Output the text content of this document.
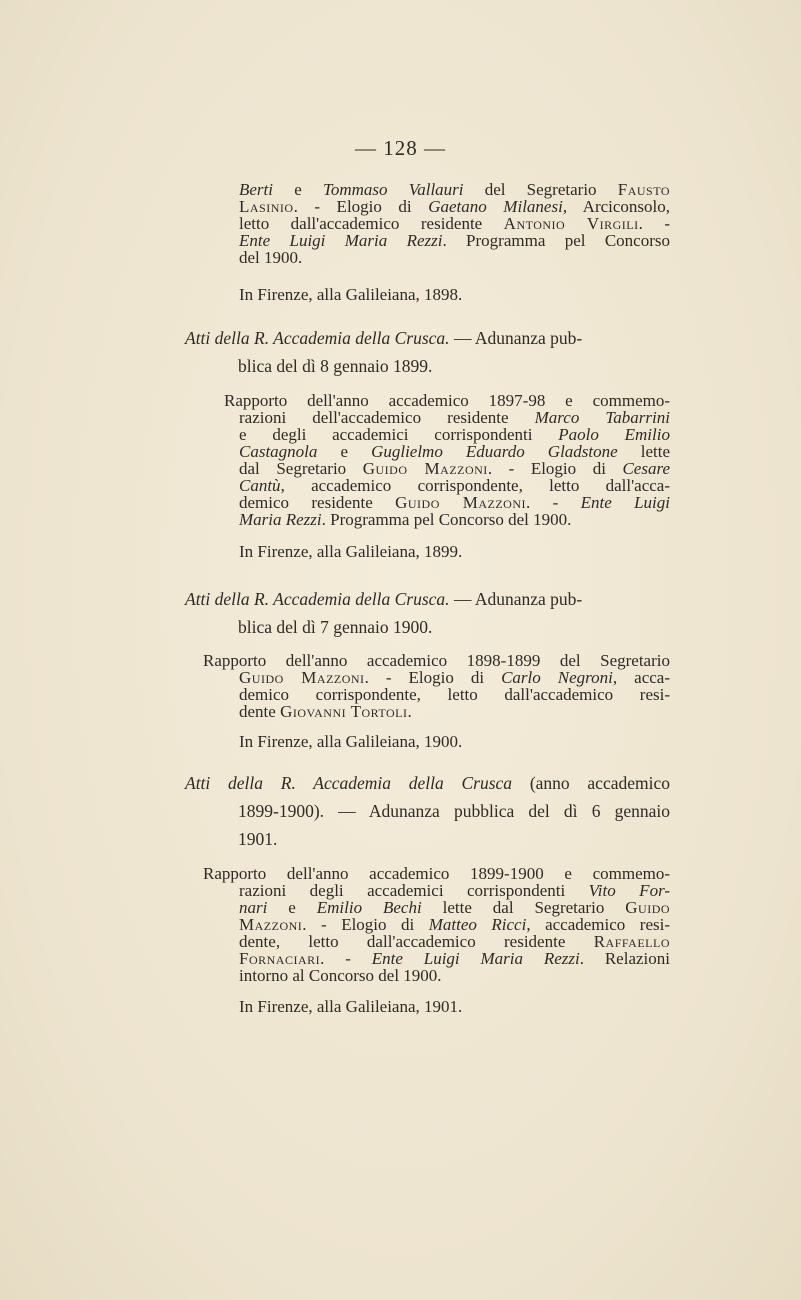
— 128 —
Berti e Tommaso Vallauri del Segretario Fausto
Lasinio. - Elogio di Gaetano Milanesi, Arciconsolo,
letto dall'accademico residente Antonio Virgili. -
Ente Luigi Maria Rezzi. Programma pel Concorso
del 1900.
In Firenze, alla Galileiana, 1898.
Atti della R. Accademia della Crusca. — Adunanza pub-
blica del dì 8 gennaio 1899.
Rapporto dell'anno accademico 1897-98 e commemo-
razioni dell'accademico residente Marco Tabarrini
e degli accademici corrispondenti Paolo Emilio
Castagnola e Guglielmo Eduardo Gladstone lette
dal Segretario Guido Mazzoni. - Elogio di Cesare
Cantù, accademico corrispondente, letto dall'acca-
demico residente Guido Mazzoni. - Ente Luigi
Maria Rezzi. Programma pel Concorso del 1900.
In Firenze, alla Galileiana, 1899.
Atti della R. Accademia della Crusca. — Adunanza pub-
blica del dì 7 gennaio 1900.
Rapporto dell'anno accademico 1898-1899 del Segretario
Guido Mazzoni. - Elogio di Carlo Negroni, acca-
demico corrispondente, letto dall'accademico resi-
dente Giovanni Tortoli.
In Firenze, alla Galileiana, 1900.
Atti della R. Accademia della Crusca (anno accademico
1899-1900). — Adunanza pubblica del dì 6 gennaio
1901.
Rapporto dell'anno accademico 1899-1900 e commemo-
razioni degli accademici corrispondenti Vito For-
nari e Emilio Bechi lette dal Segretario Guido
Mazzoni. - Elogio di Matteo Ricci, accademico resi-
dente, letto dall'accademico residente Raffaello
Fornaciari. - Ente Luigi Maria Rezzi. Relazioni
intorno al Concorso del 1900.
In Firenze, alla Galileiana, 1901.
